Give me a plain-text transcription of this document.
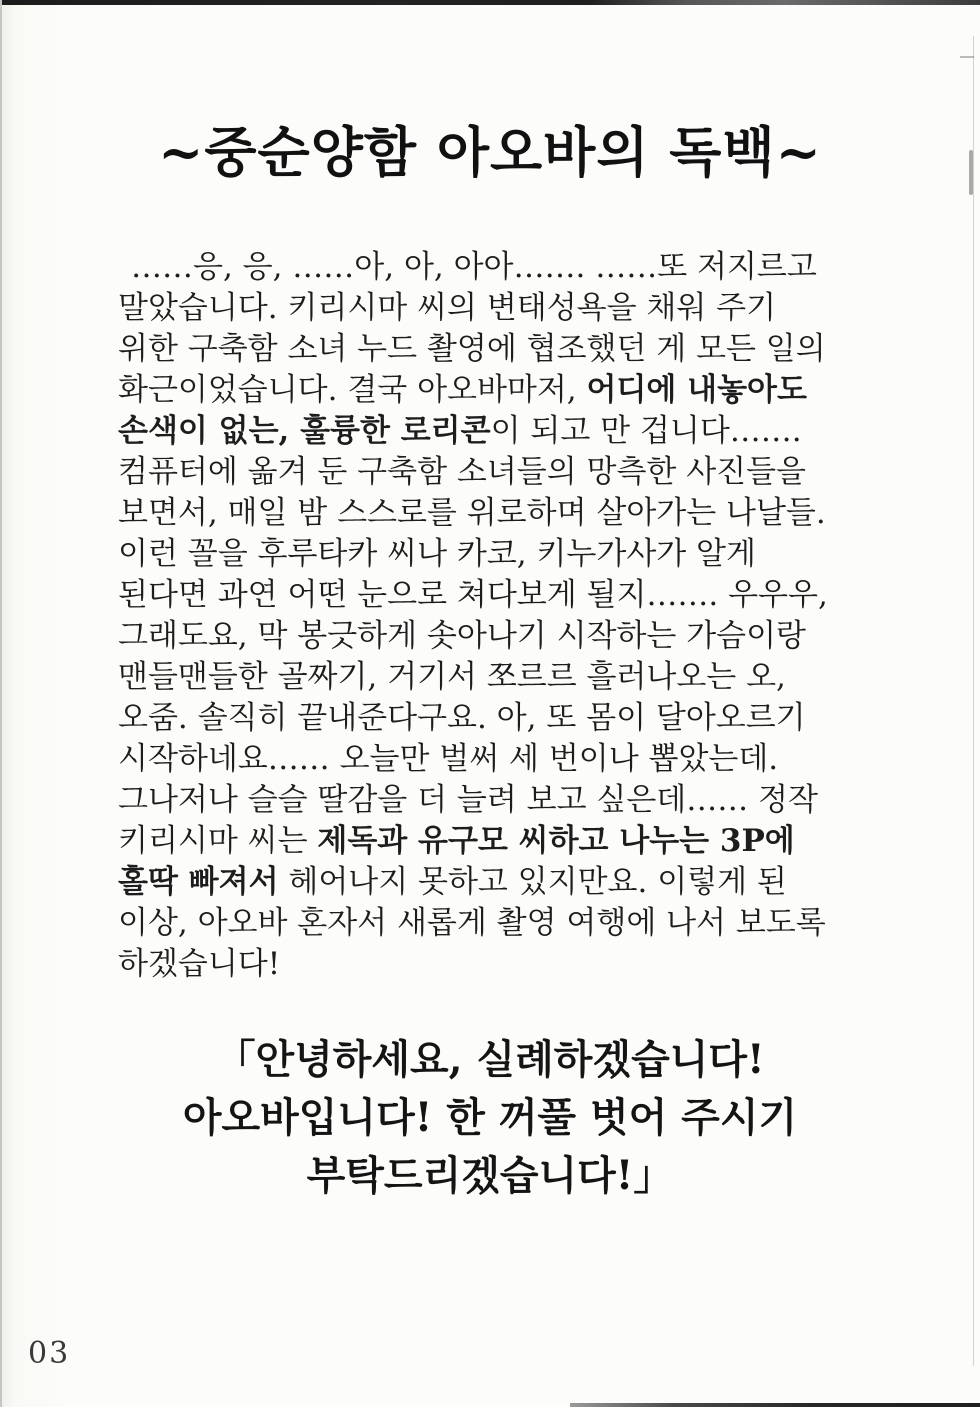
~중순양함 아오바의 독백~
……응, 응, ……아, 아, 아아……. ……또 저지르고
말았습니다. 키리시마 씨의 변태성욕을 채워 주기
위한 구축함 소녀 누드 촬영에 협조했던 게 모든 일의
화근이었습니다. 결국 아오바마저, 어디에 내놓아도
손색이 없는, 훌륭한 로리콘이 되고 만 겁니다…….
컴퓨터에 옮겨 둔 구축함 소녀들의 망측한 사진들을
보면서, 매일 밤 스스로를 위로하며 살아가는 나날들.
이런 꼴을 후루타카 씨나 카코, 키누가사가 알게
된다면 과연 어떤 눈으로 쳐다보게 될지……. 우우우,
그래도요, 막 봉긋하게 솟아나기 시작하는 가슴이랑
맨들맨들한 골짜기, 거기서 쪼르르 흘러나오는 오,
오줌. 솔직히 끝내준다구요. 아, 또 몸이 달아오르기
시작하네요…… 오늘만 벌써 세 번이나 뽑았는데.
그나저나 슬슬 딸감을 더 늘려 보고 싶은데…… 정작
키리시마 씨는 제독과 유구모 씨하고 나누는 3P에
홀딱 빠져서 헤어나지 못하고 있지만요. 이렇게 된
이상, 아오바 혼자서 새롭게 촬영 여행에 나서 보도록
하겠습니다!
「안녕하세요, 실례하겠습니다!
아오바입니다! 한 꺼풀 벗어 주시기
부탁드리겠습니다!」
03
